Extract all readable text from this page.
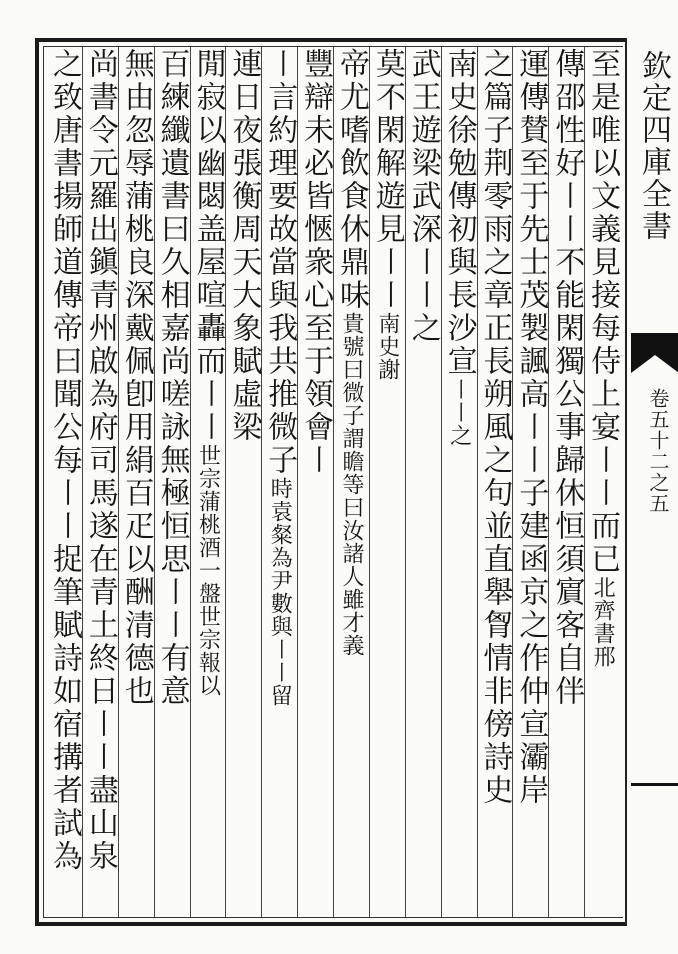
欽定四庫全書
卷五十二之五
至是唯以文義見接每侍上宴〡〡而已北齊書邢
傳邵性好〡〡不能閑獨公事歸休恒須賔客自伴
運傳賛至于先士茂製諷高〡〡子建函京之作仲宣灞岸
之篇子荆零雨之章正長朔風之句並直舉胷情非傍詩史
南史徐勉傳初與長沙宣〡〡之
武王遊梁武深〡〡之
莫不閑解遊見〡〡南史謝
帝尤嗜飲食休鼎味貴號曰微子謂瞻等曰汝諸人雖才義
豐辯未必皆愜衆心至于領會〡
〡言約理要故當與我共推微子時袁粲為尹數與〡〡留
連日夜張衡周天大象賦虛梁
閒寂以幽閟盖屋喧轟而〡〡世宗蒲桃酒一盤世宗報以
百練纖遺書曰久相嘉尚嗟詠無極恒思〡〡有意
無由忽辱蒲桃良深戴佩卽用絹百疋以酬清德也
尚書令元羅出鎭青州啟為府司馬遂在青土終日〡〡盡山泉
之致唐書揚師道傳帝曰聞公每〡〡捉筆賦詩如宿搆者試為
